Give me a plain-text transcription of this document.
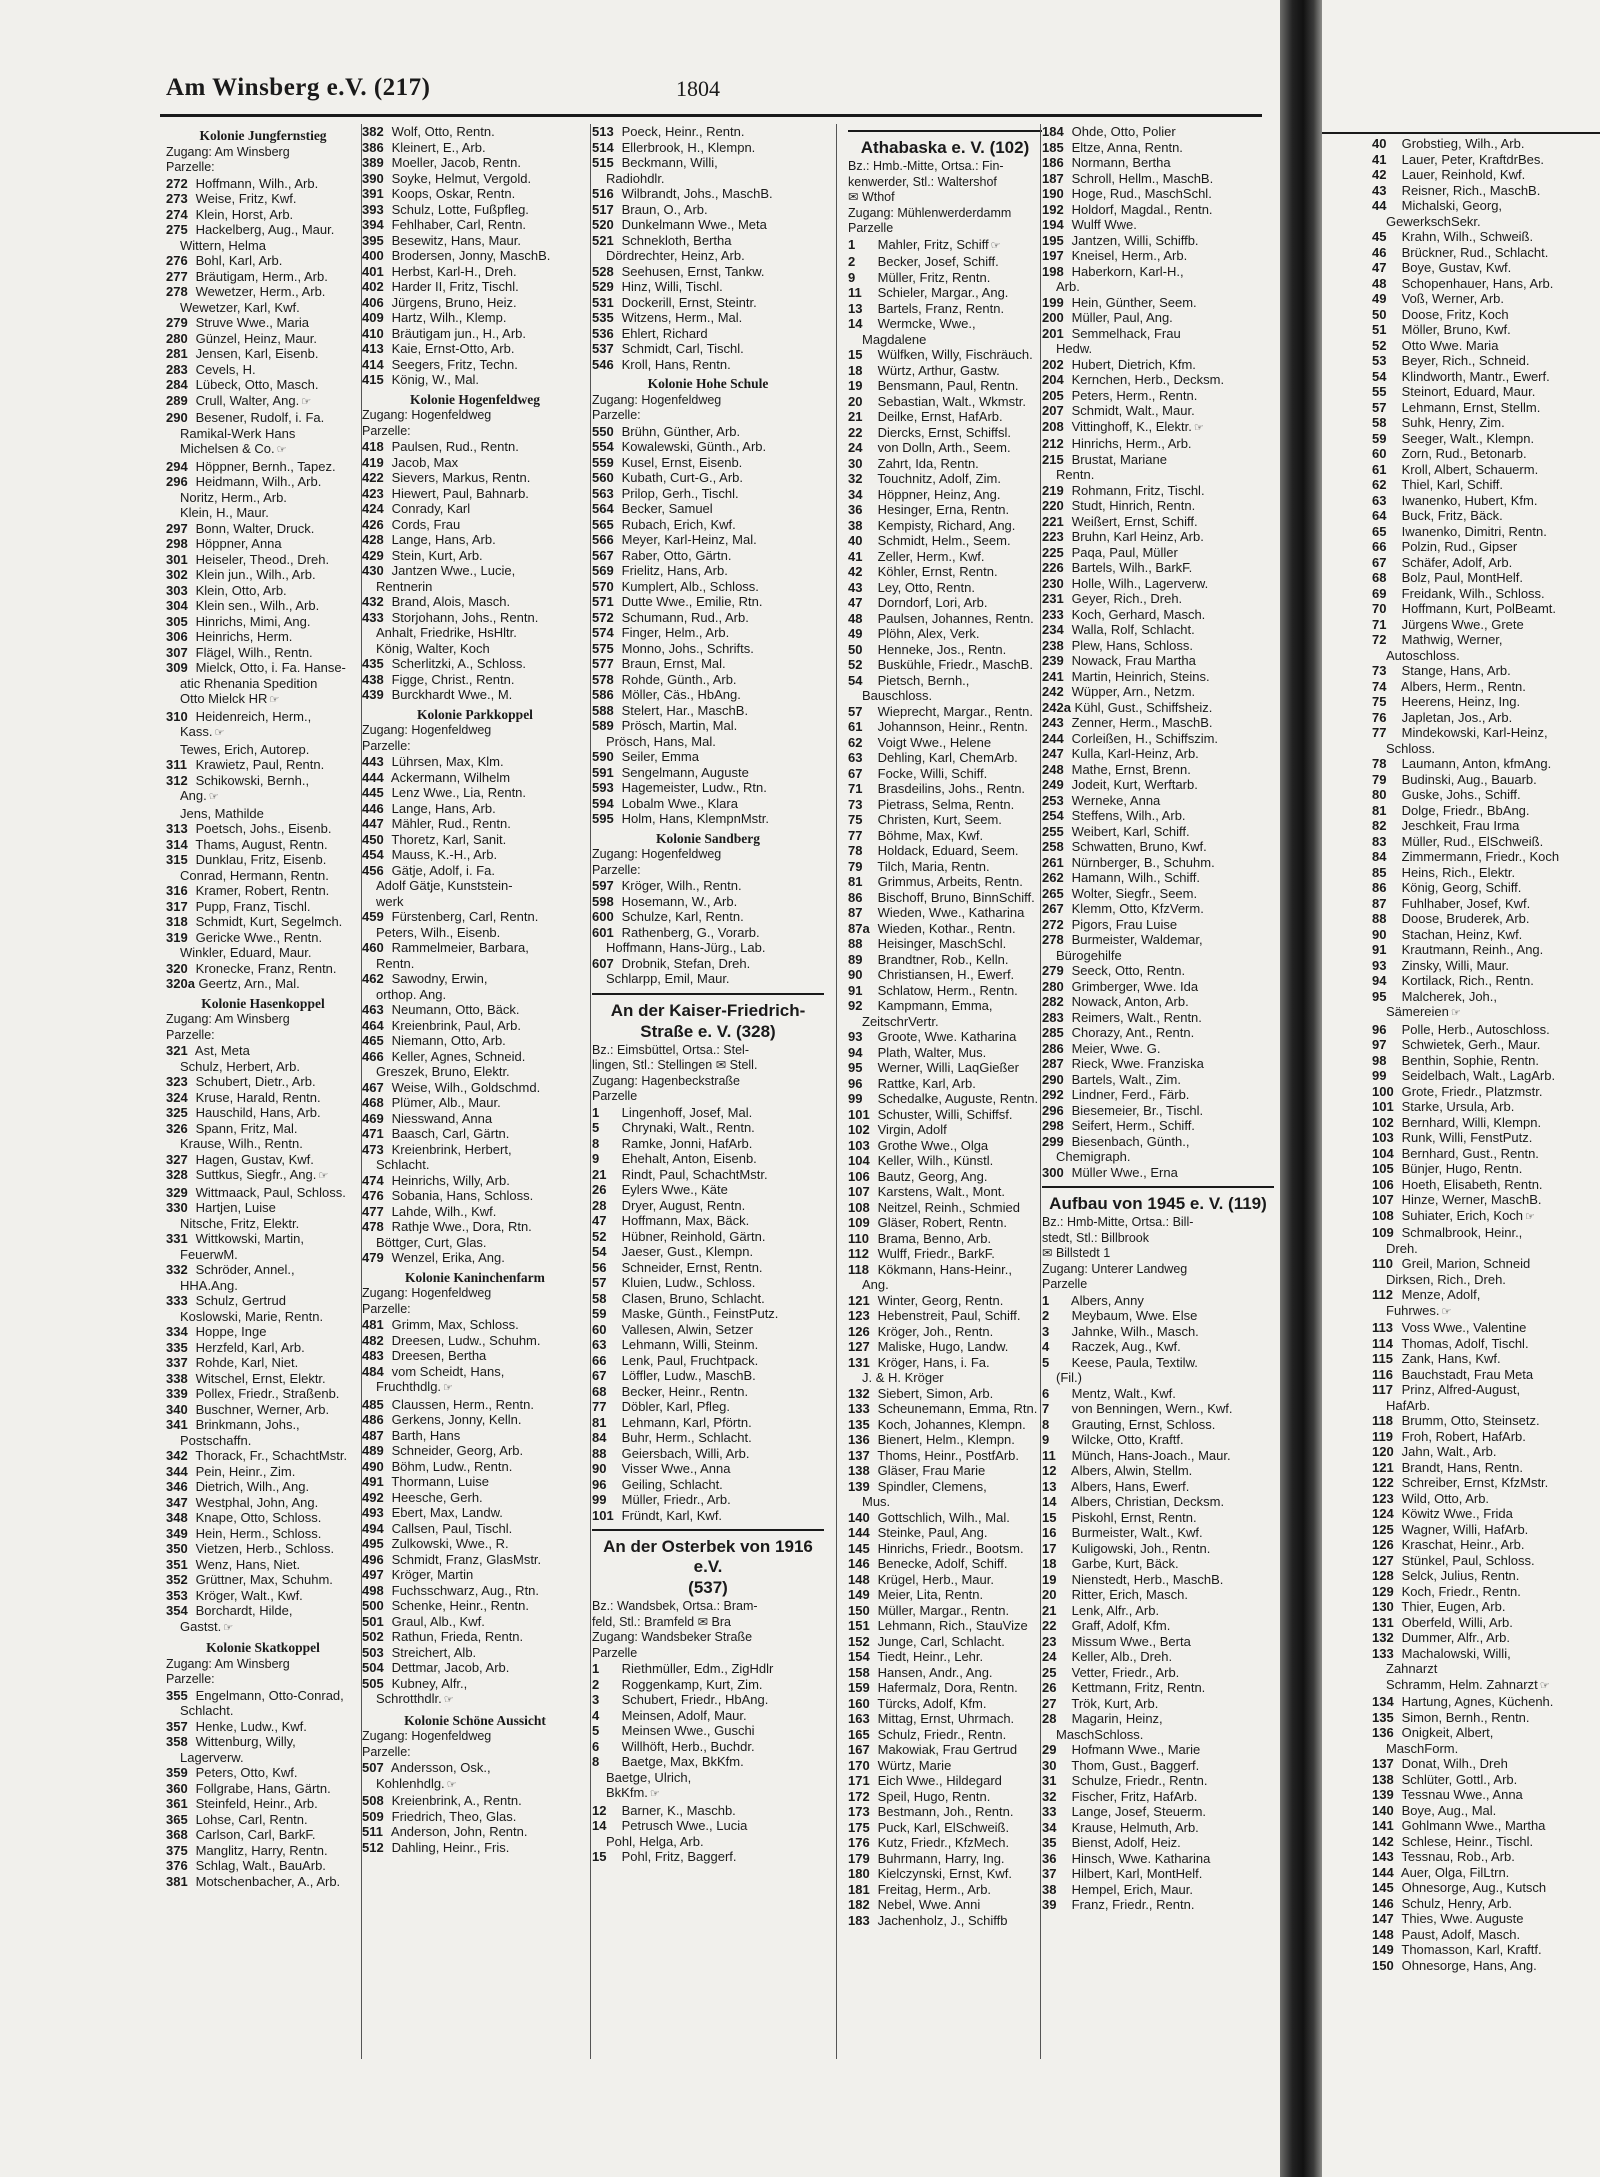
Am Winsberg e.V. (217)	1804
Kolonie Jungfernstieg
Zugang: Am Winsberg
Parzelle:
272 Hoffmann, Wilh., Arb.
273 Weise, Fritz, Kwf.
274 Klein, Horst, Arb.
275 Hackelberg, Aug., Maur.
Wittern, Helma
276 Bohl, Karl, Arb.
277 Bräutigam, Herm., Arb.
278 Wewetzer, Herm., Arb.
Wewetzer, Karl, Kwf.
279 Struve Wwe., Maria
280 Günzel, Heinz, Maur.
281 Jensen, Karl, Eisenb.
283 Cevels, H.
284 Lübeck, Otto, Masch.
289 Crull, Walter, Ang. ☞
290 Besener, Rudolf, i. Fa.
Ramikal-Werk Hans
Michelsen & Co. ☞
294 Höppner, Bernh., Tapez.
296 Heidmann, Wilh., Arb.
Noritz, Herm., Arb.
Klein, H., Maur.
297 Bonn, Walter, Druck.
298 Höppner, Anna
301 Heiseler, Theod., Dreh.
302 Klein jun., Wilh., Arb.
303 Klein, Otto, Arb.
304 Klein sen., Wilh., Arb.
305 Hinrichs, Mimi, Ang.
306 Heinrichs, Herm.
307 Flägel, Wilh., Rentn.
309 Mielck, Otto, i. Fa. Hanse-
atic Rhenania Spedition
Otto Mielck HR ☞
310 Heidenreich, Herm.,
Kass. ☞
Tewes, Erich, Autorep.
311 Krawietz, Paul, Rentn.
312 Schikowski, Bernh.,
Ang. ☞
Jens, Mathilde
313 Poetsch, Johs., Eisenb.
314 Thams, August, Rentn.
315 Dunklau, Fritz, Eisenb.
Conrad, Hermann, Rentn.
316 Kramer, Robert, Rentn.
317 Pupp, Franz, Tischl.
318 Schmidt, Kurt, Segelmch.
319 Gericke Wwe., Rentn.
Winkler, Eduard, Maur.
320 Kronecke, Franz, Rentn.
320a Geertz, Arn., Mal.
Kolonie Hasenkoppel
Zugang: Am Winsberg
Parzelle:
321 Ast, Meta
Schulz, Herbert, Arb.
323 Schubert, Dietr., Arb.
324 Kruse, Harald, Rentn.
325 Hauschild, Hans, Arb.
326 Spann, Fritz, Mal.
Krause, Wilh., Rentn.
327 Hagen, Gustav, Kwf.
328 Suttkus, Siegfr., Ang. ☞
329 Wittmaack, Paul, Schloss.
330 Hartjen, Luise
Nitsche, Fritz, Elektr.
331 Wittkowski, Martin,
FeuerwM.
332 Schröder, Annel.,
HHA.Ang.
333 Schulz, Gertrud
Koslowski, Marie, Rentn.
334 Hoppe, Inge
335 Herzfeld, Karl, Arb.
337 Rohde, Karl, Niet.
338 Witschel, Ernst, Elektr.
339 Pollex, Friedr., Straßenb.
340 Buschner, Werner, Arb.
341 Brinkmann, Johs.,
Postschaffn.
342 Thorack, Fr., SchachtMstr.
344 Pein, Heinr., Zim.
346 Dietrich, Wilh., Ang.
347 Westphal, John, Ang.
348 Knape, Otto, Schloss.
349 Hein, Herm., Schloss.
350 Vietzen, Herb., Schloss.
351 Wenz, Hans, Niet.
352 Grüttner, Max, Schuhm.
353 Kröger, Walt., Kwf.
354 Borchardt, Hilde,
Gastst. ☞
Kolonie Skatkoppel
Zugang: Am Winsberg
Parzelle:
355 Engelmann, Otto-Conrad,
Schlacht.
357 Henke, Ludw., Kwf.
358 Wittenburg, Willy,
Lagerverw.
359 Peters, Otto, Kwf.
360 Follgrabe, Hans, Gärtn.
361 Steinfeld, Heinr., Arb.
365 Lohse, Carl, Rentn.
368 Carlson, Carl, BarkF.
375 Manglitz, Harry, Rentn.
376 Schlag, Walt., BauArb.
381 Motschenbacher, A., Arb.
382 Wolf, Otto, Rentn.
386 Kleinert, E., Arb.
389 Moeller, Jacob, Rentn.
390 Soyke, Helmut, Vergold.
391 Koops, Oskar, Rentn.
393 Schulz, Lotte, Fußpfleg.
394 Fehlhaber, Carl, Rentn.
395 Besewitz, Hans, Maur.
400 Brodersen, Jonny, MaschB.
401 Herbst, Karl-H., Dreh.
402 Harder II, Fritz, Tischl.
406 Jürgens, Bruno, Heiz.
409 Hartz, Wilh., Klemp.
410 Bräutigam jun., H., Arb.
413 Kaie, Ernst-Otto, Arb.
414 Seegers, Fritz, Techn.
415 König, W., Mal.
Kolonie Hogenfeldweg
Zugang: Hogenfeldweg
Parzelle:
418 Paulsen, Rud., Rentn.
419 Jacob, Max
422 Sievers, Markus, Rentn.
423 Hiewert, Paul, Bahnarb.
424 Conrady, Karl
426 Cords, Frau
428 Lange, Hans, Arb.
429 Stein, Kurt, Arb.
430 Jantzen Wwe., Lucie,
Rentnerin
432 Brand, Alois, Masch.
433 Storjohann, Johs., Rentn.
Anhalt, Friedrike, HsHltr.
König, Walter, Koch
435 Scherlitzki, A., Schloss.
438 Figge, Christ., Rentn.
439 Burckhardt Wwe., M.
Kolonie Parkkoppel
Zugang: Hogenfeldweg
Parzelle:
443 Lührsen, Max, Klm.
444 Ackermann, Wilhelm
445 Lenz Wwe., Lia, Rentn.
446 Lange, Hans, Arb.
447 Mähler, Rud., Rentn.
450 Thoretz, Karl, Sanit.
454 Mauss, K.-H., Arb.
456 Gätje, Adolf, i. Fa.
Adolf Gätje, Kunststein-
werk
459 Fürstenberg, Carl, Rentn.
Peters, Wilh., Eisenb.
460 Rammelmeier, Barbara,
Rentn.
462 Sawodny, Erwin,
orthop. Ang.
463 Neumann, Otto, Bäck.
464 Kreienbrink, Paul, Arb.
465 Niemann, Otto, Arb.
466 Keller, Agnes, Schneid.
Greszek, Bruno, Elektr.
467 Weise, Wilh., Goldschmd.
468 Plümer, Alb., Maur.
469 Niesswand, Anna
471 Baasch, Carl, Gärtn.
473 Kreienbrink, Herbert,
Schlacht.
474 Heinrichs, Willy, Arb.
476 Sobania, Hans, Schloss.
477 Lahde, Wilh., Kwf.
478 Rathje Wwe., Dora, Rtn.
Böttger, Curt, Glas.
479 Wenzel, Erika, Ang.
Kolonie Kaninchenfarm
Zugang: Hogenfeldweg
Parzelle:
481 Grimm, Max, Schloss.
482 Dreesen, Ludw., Schuhm.
483 Dreesen, Bertha
484 vom Scheidt, Hans,
Fruchthdlg. ☞
485 Claussen, Herm., Rentn.
486 Gerkens, Jonny, Kelln.
487 Barth, Hans
489 Schneider, Georg, Arb.
490 Böhm, Ludw., Rentn.
491 Thormann, Luise
492 Heesche, Gerh.
493 Ebert, Max, Landw.
494 Callsen, Paul, Tischl.
495 Zulkowski, Wwe., R.
496 Schmidt, Franz, GlasMstr.
497 Kröger, Martin
498 Fuchsschwarz, Aug., Rtn.
500 Schenke, Heinr., Rentn.
501 Graul, Alb., Kwf.
502 Rathun, Frieda, Rentn.
503 Streichert, Alb.
504 Dettmar, Jacob, Arb.
505 Kubney, Alfr.,
Schrotthdlr. ☞
Kolonie Schöne Aussicht
Zugang: Hogenfeldweg
Parzelle:
507 Andersson, Osk.,
Kohlenhdlg. ☞
508 Kreienbrink, A., Rentn.
509 Friedrich, Theo, Glas.
511 Anderson, John, Rentn.
512 Dahling, Heinr., Fris.
513 Poeck, Heinr., Rentn.
514 Ellerbrook, H., Klempn.
515 Beckmann, Willi,
Radiohdlr.
516 Wilbrandt, Johs., MaschB.
517 Braun, O., Arb.
520 Dunkelmann Wwe., Meta
521 Schnekloth, Bertha
Dördrechter, Heinz, Arb.
528 Seehusen, Ernst, Tankw.
529 Hinz, Willi, Tischl.
531 Dockerill, Ernst, Steintr.
535 Witzens, Herm., Mal.
536 Ehlert, Richard
537 Schmidt, Carl, Tischl.
546 Kroll, Hans, Rentn.
Kolonie Hohe Schule
Zugang: Hogenfeldweg
Parzelle:
550 Brühn, Günther, Arb.
554 Kowalewski, Günth., Arb.
559 Kusel, Ernst, Eisenb.
560 Kubath, Curt-G., Arb.
563 Prilop, Gerh., Tischl.
564 Becker, Samuel
565 Rubach, Erich, Kwf.
566 Meyer, Karl-Heinz, Mal.
567 Raber, Otto, Gärtn.
569 Frielitz, Hans, Arb.
570 Kumplert, Alb., Schloss.
571 Dutte Wwe., Emilie, Rtn.
572 Schumann, Rud., Arb.
574 Finger, Helm., Arb.
575 Monno, Johs., Schrifts.
577 Braun, Ernst, Mal.
578 Rohde, Günth., Arb.
586 Möller, Cäs., HbAng.
588 Stelert, Har., MaschB.
589 Prösch, Martin, Mal.
Prösch, Hans, Mal.
590 Seiler, Emma
591 Sengelmann, Auguste
593 Hagemeister, Ludw., Rtn.
594 Lobalm Wwe., Klara
595 Holm, Hans, KlempnMstr.
Kolonie Sandberg
Zugang: Hogenfeldweg
Parzelle:
597 Kröger, Wilh., Rentn.
598 Hosemann, W., Arb.
600 Schulze, Karl, Rentn.
601 Rathenberg, G., Vorarb.
Hoffmann, Hans-Jürg., Lab.
607 Drobnik, Stefan, Dreh.
Schlarpp, Emil, Maur.
An der Kaiser-Friedrich-
Straße e. V. (328)
Bz.: Eimsbüttel, Ortsa.: Stel-
lingen, Stl.: Stellingen ✉ Stell.
Zugang: Hagenbeckstraße
Parzelle
1 Lingenhoff, Josef, Mal.
5 Chrynaki, Walt., Rentn.
8 Ramke, Jonni, HafArb.
9 Ehehalt, Anton, Eisenb.
21 Rindt, Paul, SchachtMstr.
26 Eylers Wwe., Käte
28 Dryer, August, Rentn.
47 Hoffmann, Max, Bäck.
52 Hübner, Reinhold, Gärtn.
54 Jaeser, Gust., Klempn.
56 Schneider, Ernst, Rentn.
57 Kluien, Ludw., Schloss.
58 Clasen, Bruno, Schlacht.
59 Maske, Günth., FeinstPutz.
60 Vallesen, Alwin, Setzer
63 Lehmann, Willi, Steinm.
66 Lenk, Paul, Fruchtpack.
67 Löffler, Ludw., MaschB.
68 Becker, Heinr., Rentn.
77 Döbler, Karl, Pfleg.
81 Lehmann, Karl, Pförtn.
84 Buhr, Herm., Schlacht.
88 Geiersbach, Willi, Arb.
90 Visser Wwe., Anna
96 Geiling, Schlacht.
99 Müller, Friedr., Arb.
101 Fründt, Karl, Kwf.
An der Osterbek von 1916 e.V.
(537)
Bz.: Wandsbek, Ortsa.: Bram-
feld, Stl.: Bramfeld ✉ Bra
Zugang: Wandsbeker Straße
Parzelle
1 Riethmüller, Edm., ZigHdlr
2 Roggenkamp, Kurt, Zim.
3 Schubert, Friedr., HbAng.
4 Meinsen, Adolf, Maur.
5 Meinsen Wwe., Guschi
6 Willhöft, Herb., Buchdr.
8 Baetge, Max, BkKfm.
Baetge, Ulrich,
BkKfm. ☞
12 Barner, K., Maschb.
14 Petrusch Wwe., Lucia
Pohl, Helga, Arb.
15 Pohl, Fritz, Baggerf.
Athabaska e. V. (102)
Bz.: Hmb.-Mitte, Ortsa.: Fin-
kenwerder, Stl.: Waltershof
✉ Wthof
Zugang: Mühlenwerderdamm
Parzelle
1 Mahler, Fritz, Schiff ☞
2 Becker, Josef, Schiff.
9 Müller, Fritz, Rentn.
11 Schieler, Margar., Ang.
13 Bartels, Franz, Rentn.
14 Wermcke, Wwe.,
Magdalene
15 Wülfken, Willy, Fischräuch.
18 Würtz, Arthur, Gastw.
19 Bensmann, Paul, Rentn.
20 Sebastian, Walt., Wkmstr.
21 Deilke, Ernst, HafArb.
22 Diercks, Ernst, Schiffsl.
24 von Dolln, Arth., Seem.
30 Zahrt, Ida, Rentn.
32 Touchnitz, Adolf, Zim.
34 Höppner, Heinz, Ang.
36 Hesinger, Erna, Rentn.
38 Kempisty, Richard, Ang.
40 Schmidt, Helm., Seem.
41 Zeller, Herm., Kwf.
42 Köhler, Ernst, Rentn.
43 Ley, Otto, Rentn.
47 Dorndorf, Lori, Arb.
48 Paulsen, Johannes, Rentn.
49 Plöhn, Alex, Verk.
50 Henneke, Jos., Rentn.
52 Buskühle, Friedr., MaschB.
54 Pietsch, Bernh.,
Bauschloss.
57 Wieprecht, Margar., Rentn.
61 Johannson, Heinr., Rentn.
62 Voigt Wwe., Helene
63 Dehling, Karl, ChemArb.
67 Focke, Willi, Schiff.
71 Brasdeilins, Johs., Rentn.
73 Pietrass, Selma, Rentn.
75 Christen, Kurt, Seem.
77 Böhme, Max, Kwf.
78 Holdack, Eduard, Seem.
79 Tilch, Maria, Rentn.
81 Grimmus, Arbeits, Rentn.
86 Bischoff, Bruno, BinnSchiff.
87 Wieden, Wwe., Katharina
87a Wieden, Kothar., Rentn.
88 Heisinger, MaschSchl.
89 Brandtner, Rob., Kelln.
90 Christiansen, H., Ewerf.
91 Schlatow, Herm., Rentn.
92 Kampmann, Emma,
ZeitschrVertr.
93 Groote, Wwe. Katharina
94 Plath, Walter, Mus.
95 Werner, Willi, LaqGießer
96 Rattke, Karl, Arb.
99 Schedalke, Auguste, Rentn.
101 Schuster, Willi, Schiffsf.
102 Virgin, Adolf
103 Grothe Wwe., Olga
104 Keller, Wilh., Künstl.
106 Bautz, Georg, Ang.
107 Karstens, Walt., Mont.
108 Neitzel, Reinh., Schmied
109 Gläser, Robert, Rentn.
110 Brama, Benno, Arb.
112 Wulff, Friedr., BarkF.
118 Kökmann, Hans-Heinr.,
Ang.
121 Winter, Georg, Rentn.
123 Hebenstreit, Paul, Schiff.
126 Kröger, Joh., Rentn.
127 Maliske, Hugo, Landw.
131 Kröger, Hans, i. Fa.
J. & H. Kröger
132 Siebert, Simon, Arb.
133 Scheunemann, Emma, Rtn.
135 Koch, Johannes, Klempn.
136 Bienert, Helm., Klempn.
137 Thoms, Heinr., PostfArb.
138 Gläser, Frau Marie
139 Spindler, Clemens,
Mus.
140 Gottschlich, Wilh., Mal.
144 Steinke, Paul, Ang.
145 Hinrichs, Friedr., Bootsm.
146 Benecke, Adolf, Schiff.
148 Krügel, Herb., Maur.
149 Meier, Lita, Rentn.
150 Müller, Margar., Rentn.
151 Lehmann, Rich., StauVize
152 Junge, Carl, Schlacht.
154 Tiedt, Heinr., Lehr.
158 Hansen, Andr., Ang.
159 Hafermalz, Dora, Rentn.
160 Türcks, Adolf, Kfm.
163 Mittag, Ernst, Uhrmach.
165 Schulz, Friedr., Rentn.
167 Makowiak, Frau Gertrud
170 Würtz, Marie
171 Eich Wwe., Hildegard
172 Speil, Hugo, Rentn.
173 Bestmann, Joh., Rentn.
175 Puck, Karl, ElSchweiß.
176 Kutz, Friedr., KfzMech.
179 Buhrmann, Harry, Ing.
180 Kielczynski, Ernst, Kwf.
181 Freitag, Herm., Arb.
182 Nebel, Wwe. Anni
183 Jachenholz, J., Schiffb
184 Ohde, Otto, Polier
185 Eltze, Anna, Rentn.
186 Normann, Bertha
187 Schroll, Hellm., MaschB.
190 Hoge, Rud., MaschSchl.
192 Holdorf, Magdal., Rentn.
194 Wulff Wwe.
195 Jantzen, Willi, Schiffb.
197 Kneisel, Herm., Arb.
198 Haberkorn, Karl-H.,
Arb.
199 Hein, Günther, Seem.
200 Müller, Paul, Ang.
201 Semmelhack, Frau
Hedw.
202 Hubert, Dietrich, Kfm.
204 Kernchen, Herb., Decksm.
205 Peters, Herm., Rentn.
207 Schmidt, Walt., Maur.
208 Vittinghoff, K., Elektr. ☞
212 Hinrichs, Herm., Arb.
215 Brustat, Mariane
Rentn.
219 Rohmann, Fritz, Tischl.
220 Studt, Hinrich, Rentn.
221 Weißert, Ernst, Schiff.
223 Bruhn, Karl Heinz, Arb.
225 Paqa, Paul, Müller
226 Bartels, Wilh., BarkF.
230 Holle, Wilh., Lagerverw.
231 Geyer, Rich., Dreh.
233 Koch, Gerhard, Masch.
234 Walla, Rolf, Schlacht.
238 Plew, Hans, Schloss.
239 Nowack, Frau Martha
241 Martin, Heinrich, Steins.
242 Wüpper, Arn., Netzm.
242a Kühl, Gust., Schiffsheiz.
243 Zenner, Herm., MaschB.
244 Corleißen, H., Schiffszim.
247 Kulla, Karl-Heinz, Arb.
248 Mathe, Ernst, Brenn.
249 Jodeit, Kurt, Werftarb.
253 Werneke, Anna
254 Steffens, Wilh., Arb.
255 Weibert, Karl, Schiff.
258 Schwatten, Bruno, Kwf.
261 Nürnberger, B., Schuhm.
262 Hamann, Wilh., Schiff.
265 Wolter, Siegfr., Seem.
267 Klemm, Otto, KfzVerm.
272 Pigors, Frau Luise
278 Burmeister, Waldemar,
Bürogehilfe
279 Seeck, Otto, Rentn.
280 Grimberger, Wwe. Ida
282 Nowack, Anton, Arb.
283 Reimers, Walt., Rentn.
285 Chorazy, Ant., Rentn.
286 Meier, Wwe. G.
287 Rieck, Wwe. Franziska
290 Bartels, Walt., Zim.
292 Lindner, Ferd., Färb.
296 Biesemeier, Br., Tischl.
298 Seifert, Herm., Schiff.
299 Biesenbach, Günth.,
Chemigraph.
300 Müller Wwe., Erna
Aufbau von 1945 e. V. (119)
Bz.: Hmb-Mitte, Ortsa.: Bill-
stedt, Stl.: Billbrook
✉ Billstedt 1
Zugang: Unterer Landweg
Parzelle
1 Albers, Anny
2 Meybaum, Wwe. Else
3 Jahnke, Wilh., Masch.
4 Raczek, Aug., Kwf.
5 Keese, Paula, Textilw.
(Fil.)
6 Mentz, Walt., Kwf.
7 von Benningen, Wern., Kwf.
8 Grauting, Ernst, Schloss.
9 Wilcke, Otto, Kraftf.
11 Münch, Hans-Joach., Maur.
12 Albers, Alwin, Stellm.
13 Albers, Hans, Ewerf.
14 Albers, Christian, Decksm.
15 Piskohl, Ernst, Rentn.
16 Burmeister, Walt., Kwf.
17 Kuligowski, Joh., Rentn.
18 Garbe, Kurt, Bäck.
19 Nienstedt, Herb., MaschB.
20 Ritter, Erich, Masch.
21 Lenk, Alfr., Arb.
22 Graff, Adolf, Kfm.
23 Missum Wwe., Berta
24 Keller, Alb., Dreh.
25 Vetter, Friedr., Arb.
26 Kettmann, Fritz, Rentn.
27 Trök, Kurt, Arb.
28 Magarin, Heinz,
MaschSchloss.
29 Hofmann Wwe., Marie
30 Thom, Gust., Baggerf.
31 Schulze, Friedr., Rentn.
32 Fischer, Fritz, HafArb.
33 Lange, Josef, Steuerm.
34 Krause, Helmuth, Arb.
35 Bienst, Adolf, Heiz.
36 Hinsch, Wwe. Katharina
37 Hilbert, Karl, MontHelf.
38 Hempel, Erich, Maur.
39 Franz, Friedr., Rentn.
40 Grobstieg, Wilh., Arb.
41 Lauer, Peter, KraftdrBes.
42 Lauer, Reinhold, Kwf.
43 Reisner, Rich., MaschB.
44 Michalski, Georg,
GewerkschSekr.
45 Krahn, Wilh., Schweiß.
46 Brückner, Rud., Schlacht.
47 Boye, Gustav, Kwf.
48 Schopenhauer, Hans, Arb.
49 Voß, Werner, Arb.
50 Doose, Fritz, Koch
51 Möller, Bruno, Kwf.
52 Otto Wwe. Maria
53 Beyer, Rich., Schneid.
54 Klindworth, Mantr., Ewerf.
55 Steinort, Eduard, Maur.
57 Lehmann, Ernst, Stellm.
58 Suhk, Henry, Zim.
59 Seeger, Walt., Klempn.
60 Zorn, Rud., Betonarb.
61 Kroll, Albert, Schauerm.
62 Thiel, Karl, Schiff.
63 Iwanenko, Hubert, Kfm.
64 Buck, Fritz, Bäck.
65 Iwanenko, Dimitri, Rentn.
66 Polzin, Rud., Gipser
67 Schäfer, Adolf, Arb.
68 Bolz, Paul, MontHelf.
69 Freidank, Wilh., Schloss.
70 Hoffmann, Kurt, PolBeamt.
71 Jürgens Wwe., Grete
72 Mathwig, Werner,
Autoschloss.
73 Stange, Hans, Arb.
74 Albers, Herm., Rentn.
75 Heerens, Heinz, Ing.
76 Japletan, Jos., Arb.
77 Mindekowski, Karl-Heinz,
Schloss.
78 Laumann, Anton, kfmAng.
79 Budinski, Aug., Bauarb.
80 Guske, Johs., Schiff.
81 Dolge, Friedr., BbAng.
82 Jeschkeit, Frau Irma
83 Müller, Rud., ElSchweiß.
84 Zimmermann, Friedr., Koch
85 Heins, Rich., Elektr.
86 König, Georg, Schiff.
87 Fuhlhaber, Josef, Kwf.
88 Doose, Bruderek, Arb.
90 Stachan, Heinz, Kwf.
91 Krautmann, Reinh., Ang.
93 Zinsky, Willi, Maur.
94 Kortilack, Rich., Rentn.
95 Malcherek, Joh.,
Sämereien ☞
96 Polle, Herb., Autoschloss.
97 Schwietek, Gerh., Maur.
98 Benthin, Sophie, Rentn.
99 Seidelbach, Walt., LagArb.
100 Grote, Friedr., Platzmstr.
101 Starke, Ursula, Arb.
102 Bernhard, Willi, Klempn.
103 Runk, Willi, FenstPutz.
104 Bernhard, Gust., Rentn.
105 Bünjer, Hugo, Rentn.
106 Hoeth, Elisabeth, Rentn.
107 Hinze, Werner, MaschB.
108 Suhiater, Erich, Koch ☞
109 Schmalbrook, Heinr.,
Dreh.
110 Greil, Marion, Schneid
Dirksen, Rich., Dreh.
112 Menze, Adolf,
Fuhrwes. ☞
113 Voss Wwe., Valentine
114 Thomas, Adolf, Tischl.
115 Zank, Hans, Kwf.
116 Bauchstadt, Frau Meta
117 Prinz, Alfred-August,
HafArb.
118 Brumm, Otto, Steinsetz.
119 Froh, Robert, HafArb.
120 Jahn, Walt., Arb.
121 Brandt, Hans, Rentn.
122 Schreiber, Ernst, KfzMstr.
123 Wild, Otto, Arb.
124 Köwitz Wwe., Frida
125 Wagner, Willi, HafArb.
126 Kraschat, Heinr., Arb.
127 Stünkel, Paul, Schloss.
128 Selck, Julius, Rentn.
129 Koch, Friedr., Rentn.
130 Thier, Eugen, Arb.
131 Oberfeld, Willi, Arb.
132 Dummer, Alfr., Arb.
133 Machalowski, Willi,
Zahnarzt
Schramm, Helm. Zahnarzt ☞
134 Hartung, Agnes, Küchenh.
135 Simon, Bernh., Rentn.
136 Onigkeit, Albert,
MaschForm.
137 Donat, Wilh., Dreh
138 Schlüter, Gottl., Arb.
139 Tessnau Wwe., Anna
140 Boye, Aug., Mal.
141 Gohlmann Wwe., Martha
142 Schlese, Heinr., Tischl.
143 Tessnau, Rob., Arb.
144 Auer, Olga, FilLtrn.
145 Ohnesorge, Aug., Kutsch
146 Schulz, Henry, Arb.
147 Thies, Wwe. Auguste
148 Paust, Adolf, Masch.
149 Thomasson, Karl, Kraftf.
150 Ohnesorge, Hans, Ang.
